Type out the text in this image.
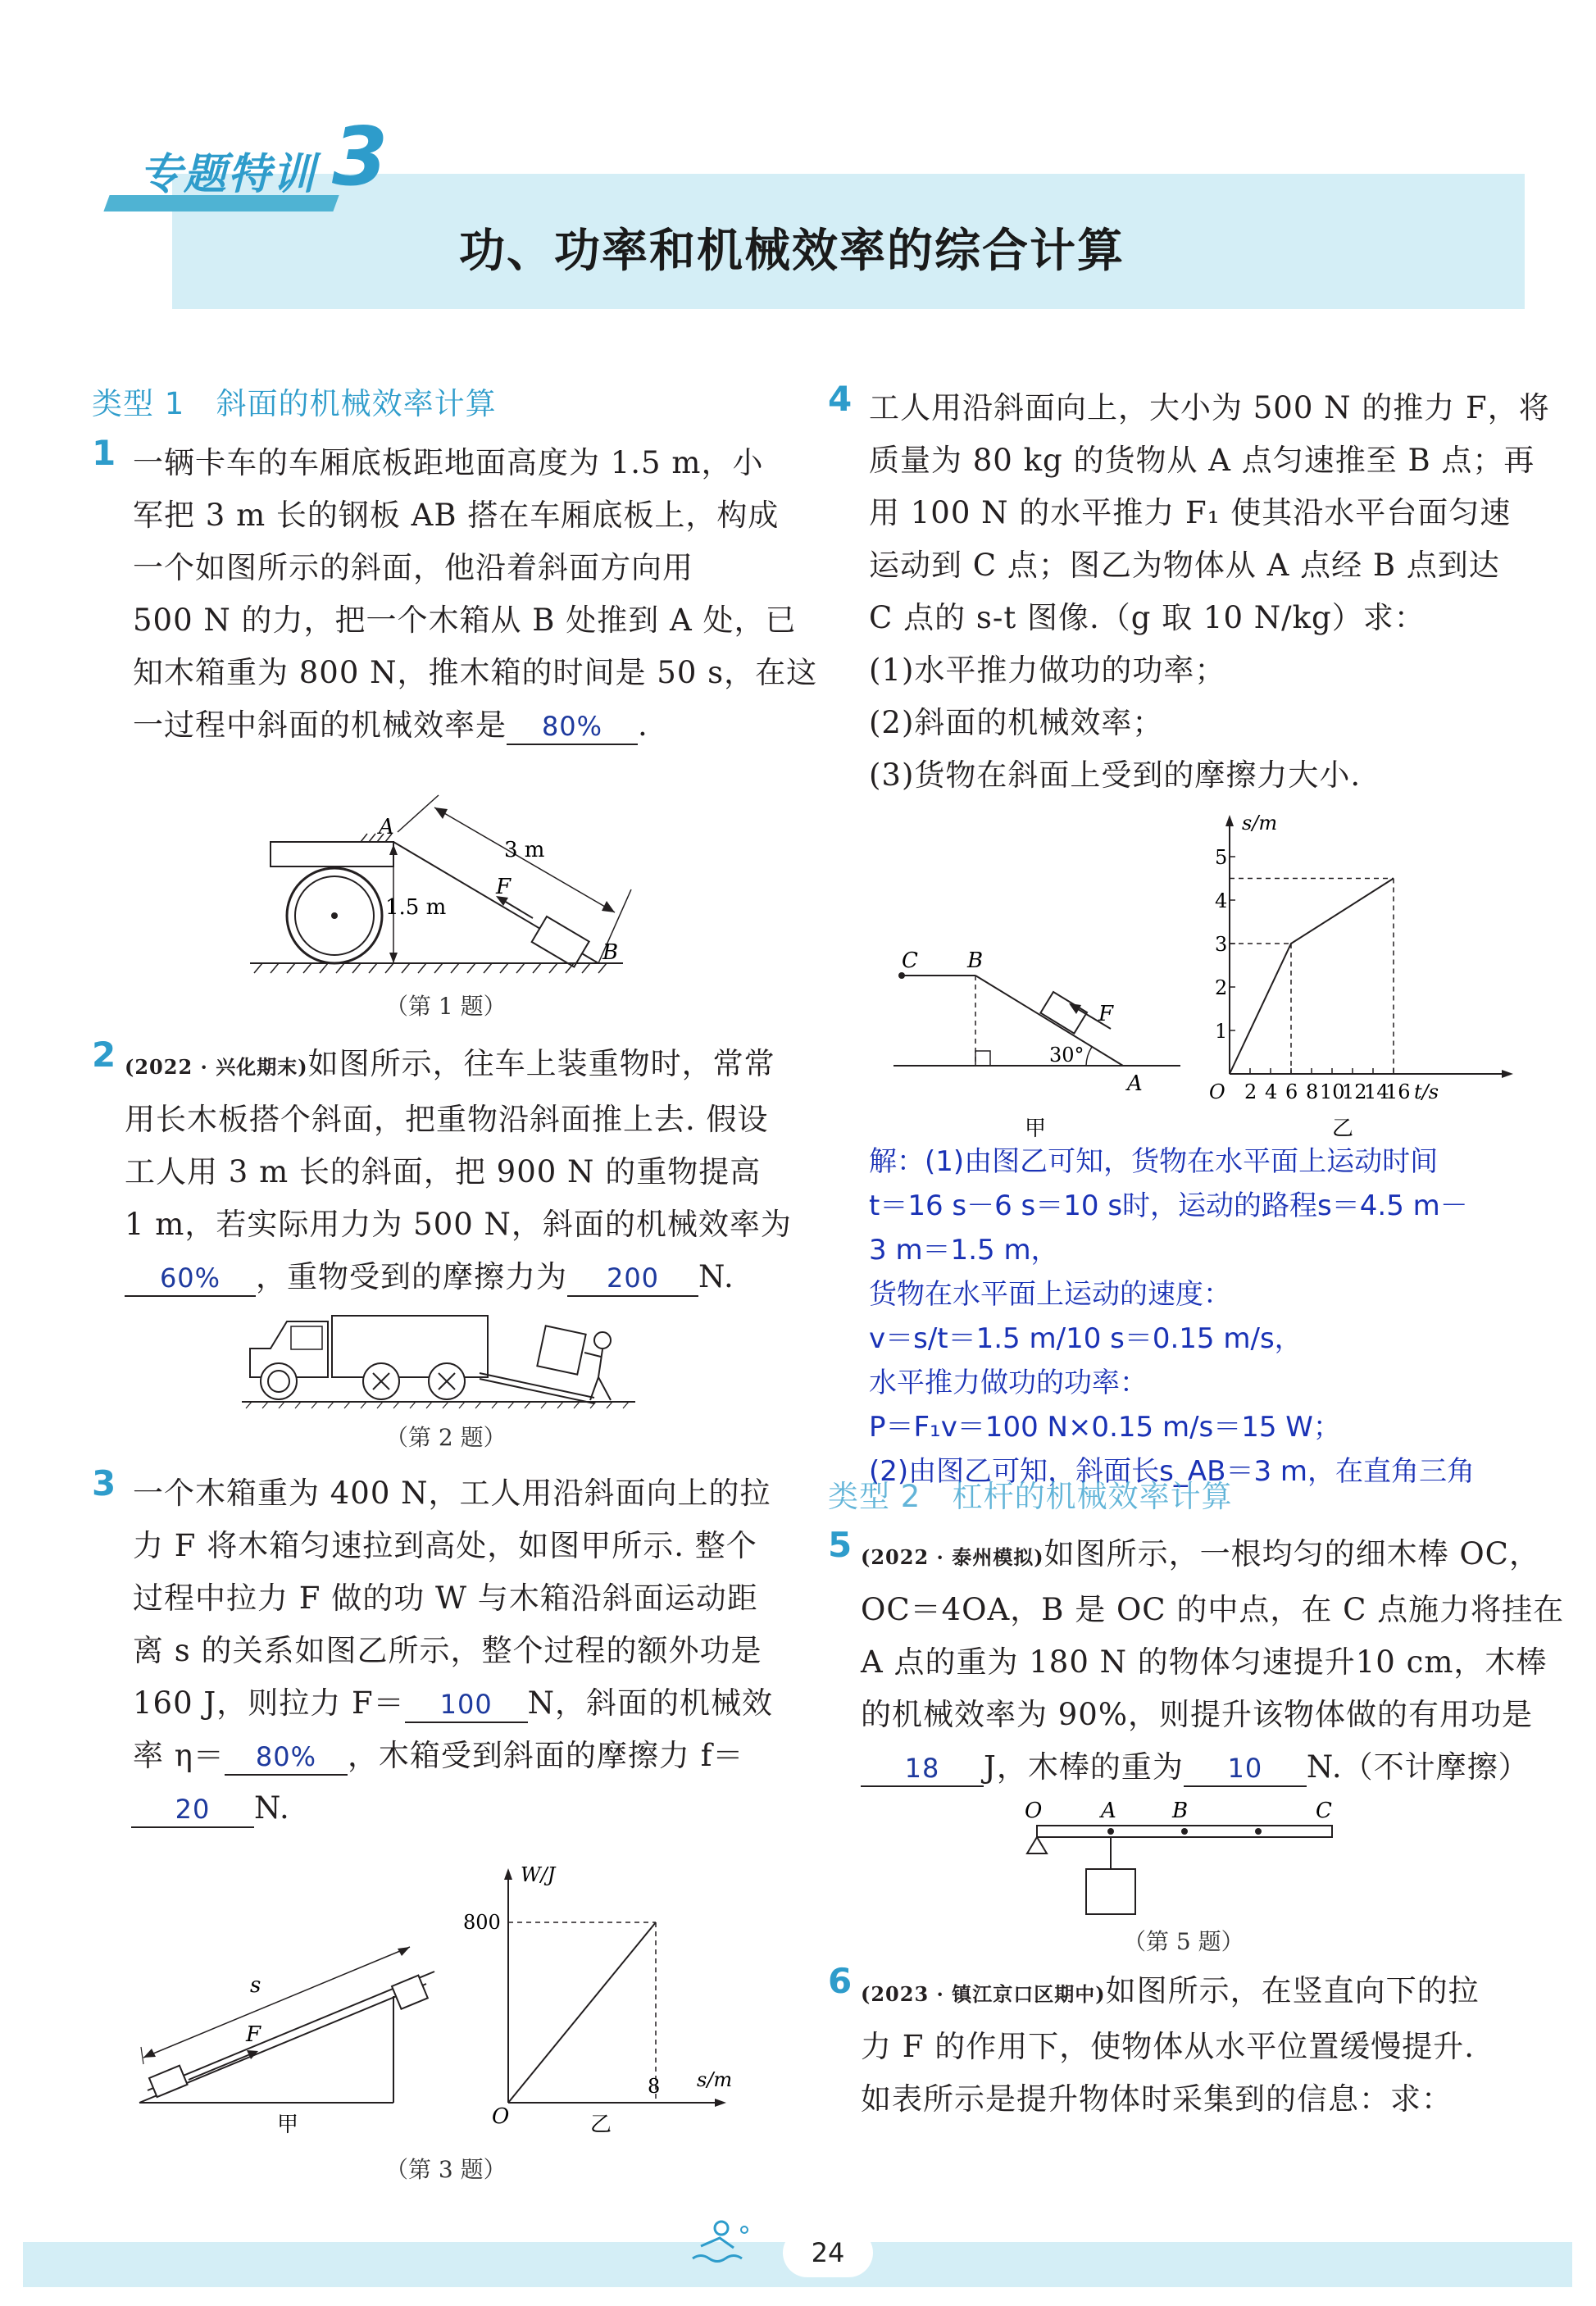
专题特训 3
功、功率和机械效率的综合计算
类型 1 斜面的机械效率计算
1 一辆卡车的车厢底板距地面高度为 1.5 m，小
军把 3 m 长的钢板 AB 搭在车厢底板上，构成
一个如图所示的斜面，他沿着斜面方向用
500 N 的力，把一个木箱从 B 处推到 A 处，已
知木箱重为 800 N，推木箱的时间是 50 s，在这
一过程中斜面的机械效率是 80% .
A
B
F
3 m
1.5 m
（第 1 题）
2 (2022 · 兴化期末)如图所示，往车上装重物时，常常
用长木板搭个斜面，把重物沿斜面推上去. 假设
工人用 3 m 长的斜面，把 900 N 的重物提高
1 m，若实际用力为 500 N，斜面的机械效率为
60% ，重物受到的摩擦力为 200 N.
（第 2 题）
3 一个木箱重为 400 N，工人用沿斜面向上的拉
力 F 将木箱匀速拉到高处，如图甲所示. 整个
过程中拉力 F 做的功 W 与木箱沿斜面运动距
离 s 的关系如图乙所示，整个过程的额外功是
160 J，则拉力 F＝ 100 N，斜面的机械效
率 η＝ 80% ，木箱受到斜面的摩擦力 f＝
20 N.
s
F
甲
W/J
s/m
800
8
O	乙
（第 3 题）
4 工人用沿斜面向上，大小为 500 N 的推力 F，将
质量为 80 kg 的货物从 A 点匀速推至 B 点；再
用 100 N 的水平推力 F₁ 使其沿水平台面匀速
运动到 C 点；图乙为物体从 A 点经 B 点到达
C 点的 s-t 图像.（g 取 10 N/kg）求：
(1)水平推力做功的功率；
(2)斜面的机械效率；
(3)货物在斜面上受到的摩擦力大小.
C B
A
F
30°
甲
1
2
3
4
5
2 4 6 8 10
12
14
16
s/m
t/s
O
乙
解：(1)由图乙可知，货物在水平面上运动时间
t＝16 s－6 s＝10 s时，运动的路程s＝4.5 m－
3 m＝1.5 m，
货物在水平面上运动的速度：
v＝s/t＝1.5 m/10 s＝0.15 m/s，
水平推力做功的功率：
P＝F₁v＝100 N×0.15 m/s＝15 W；
(2)由图乙可知，斜面长s_AB＝3 m，在直角三角
类型 2 杠杆的机械效率计算
5 (2022 · 泰州模拟)如图所示，一根均匀的细木棒 OC，
OC＝4OA，B 是 OC 的中点，在 C 点施力将挂在
A 点的重为 180 N 的物体匀速提升10 cm，木棒
的机械效率为 90%，则提升该物体做的有用功是
18 J，木棒的重为 10 N.（不计摩擦）
O	A	B	C
（第 5 题）
6 (2023 · 镇江京口区期中)如图所示，在竖直向下的拉
力 F 的作用下，使物体从水平位置缓慢提升.
如表所示是提升物体时采集到的信息：求：
24
